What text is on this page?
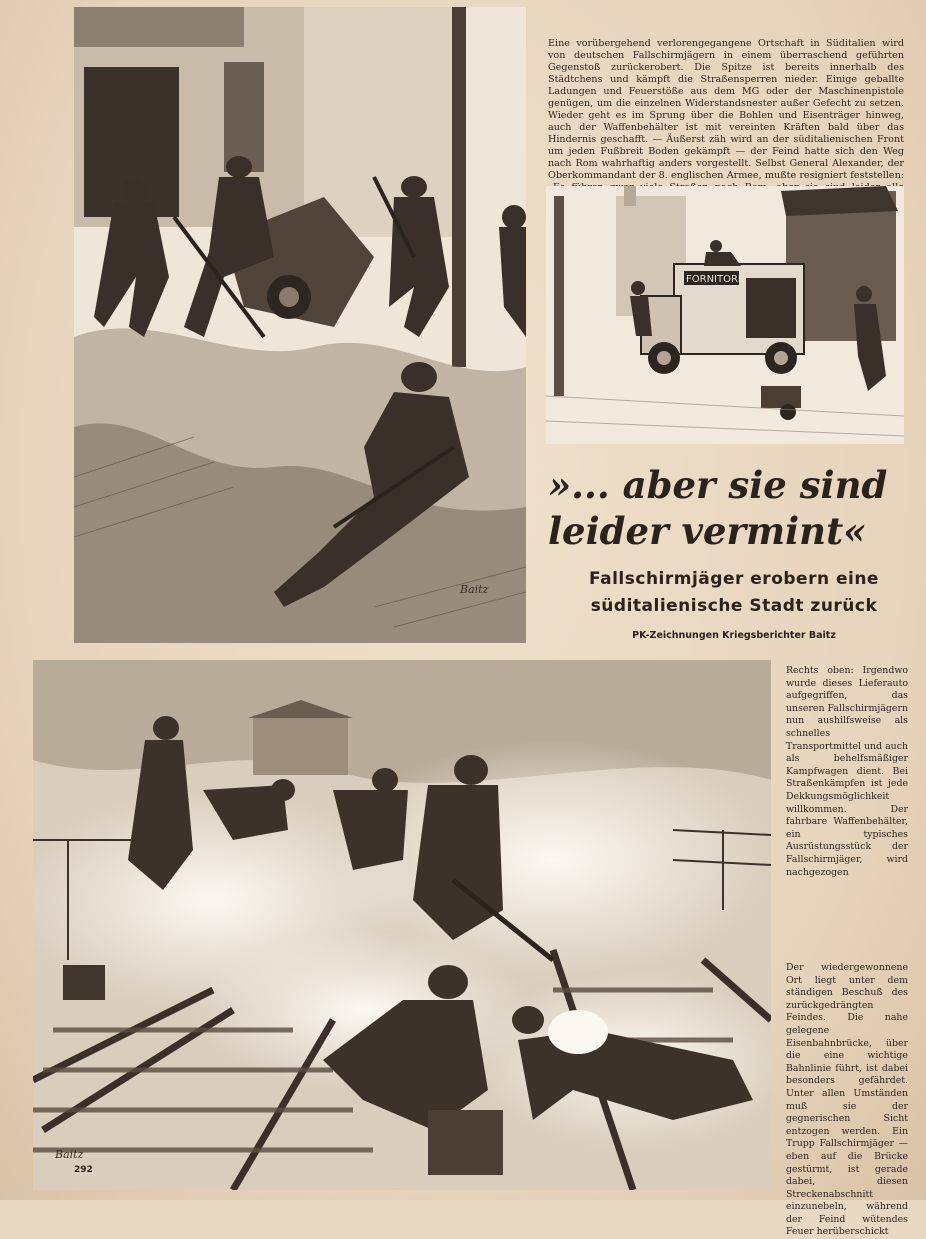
Baitz
Eine vorübergehend verlorengegangene Ortschaft in Süditalien wird von deutschen Fallschirmjägern in einem überraschend geführten Gegenstoß zurückerobert. Die Spitze ist bereits innerhalb des Städtchens und kämpft die Straßensperren nieder. Einige geballte Ladungen und Feuerstöße aus dem MG oder der Maschinenpistole genügen, um die einzelnen Widerstandsnester außer Gefecht zu setzen. Wieder geht es im Sprung über die Bohlen und Eisenträger hinweg, auch der Waffenbehälter ist mit vereinten Kräften bald über das Hindernis geschafft. — Äußerst zäh wird an der süditalienischen Front um jeden Fußbreit Boden gekämpft — der Feind hatte sich den Weg nach Rom wahrhaftig anders vorgestellt. Selbst General Alexander, der Oberkommandant der 8. englischen Armee, mußte resigniert feststellen:
FORNITORE
»... aber sie sind
leider vermint«
Fallschirmjäger erobern eine
süditalienische Stadt zurück
PK-Zeichnungen Kriegsberichter Baitz
Baitz
292
Rechts oben: Irgendwo wurde dieses Lieferauto aufgegriffen, das unseren Fallschirmjägern nun aushilfsweise als schnelles Transportmittel und auch als behelfsmäßiger Kampfwagen dient. Bei Straßenkämpfen ist jede Dekkungsmöglichkeit willkommen. Der fahrbare Waffenbehälter, ein typisches Ausrüstungsstück der Fallschirmjäger, wird nachgezogen
Der wiedergewonnene Ort liegt unter dem ständigen Beschuß des zurückgedrängten Feindes. Die nahe gelegene Eisenbahnbrücke, über die eine wichtige Bahnlinie führt, ist dabei besonders gefährdet. Unter allen Umständen muß sie der gegnerischen Sicht entzogen werden. Ein Trupp Fallschirmjäger — eben auf die Brücke gestürmt, ist gerade dabei, diesen Streckenabschnitt einzunebeln, während der Feind wütendes Feuer herüberschickt
